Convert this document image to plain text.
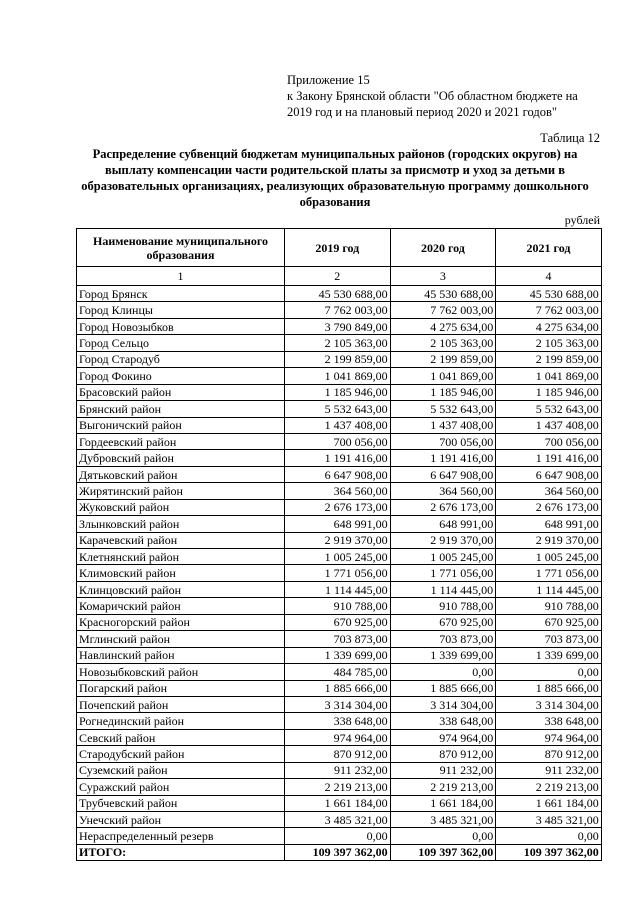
Приложение 15
к Закону Брянской области "Об областном бюджете на
2019 год и на плановый период 2020 и 2021 годов"
Таблица 12
Распределение субвенций бюджетам муниципальных районов (городских округов) на выплату компенсации части родительской платы за присмотр и уход за детьми в образовательных организациях, реализующих образовательную программу дошкольного образования
рублей
Наименование муниципального образования	2019 год	2020 год	2021 год
1	2	3	4
Город Брянск	45 530 688,00	45 530 688,00	45 530 688,00
Город Клинцы	7 762 003,00	7 762 003,00	7 762 003,00
Город Новозыбков	3 790 849,00	4 275 634,00	4 275 634,00
Город Сельцо	2 105 363,00	2 105 363,00	2 105 363,00
Город Стародуб	2 199 859,00	2 199 859,00	2 199 859,00
Город Фокино	1 041 869,00	1 041 869,00	1 041 869,00
Брасовский район	1 185 946,00	1 185 946,00	1 185 946,00
Брянский район	5 532 643,00	5 532 643,00	5 532 643,00
Выгоничский район	1 437 408,00	1 437 408,00	1 437 408,00
Гордеевский район	700 056,00	700 056,00	700 056,00
Дубровский район	1 191 416,00	1 191 416,00	1 191 416,00
Дятьковский район	6 647 908,00	6 647 908,00	6 647 908,00
Жирятинский район	364 560,00	364 560,00	364 560,00
Жуковский район	2 676 173,00	2 676 173,00	2 676 173,00
Злынковский район	648 991,00	648 991,00	648 991,00
Карачевский район	2 919 370,00	2 919 370,00	2 919 370,00
Клетнянский район	1 005 245,00	1 005 245,00	1 005 245,00
Климовский район	1 771 056,00	1 771 056,00	1 771 056,00
Клинцовский район	1 114 445,00	1 114 445,00	1 114 445,00
Комаричский район	910 788,00	910 788,00	910 788,00
Красногорский район	670 925,00	670 925,00	670 925,00
Мглинский район	703 873,00	703 873,00	703 873,00
Навлинский район	1 339 699,00	1 339 699,00	1 339 699,00
Новозыбковский район	484 785,00	0,00	0,00
Погарский район	1 885 666,00	1 885 666,00	1 885 666,00
Почепский район	3 314 304,00	3 314 304,00	3 314 304,00
Рогнединский район	338 648,00	338 648,00	338 648,00
Севский район	974 964,00	974 964,00	974 964,00
Стародубский район	870 912,00	870 912,00	870 912,00
Суземский район	911 232,00	911 232,00	911 232,00
Суражский район	2 219 213,00	2 219 213,00	2 219 213,00
Трубчевский район	1 661 184,00	1 661 184,00	1 661 184,00
Унечский район	3 485 321,00	3 485 321,00	3 485 321,00
Нераспределенный резерв	0,00	0,00	0,00
ИТОГО:	109 397 362,00	109 397 362,00	109 397 362,00
